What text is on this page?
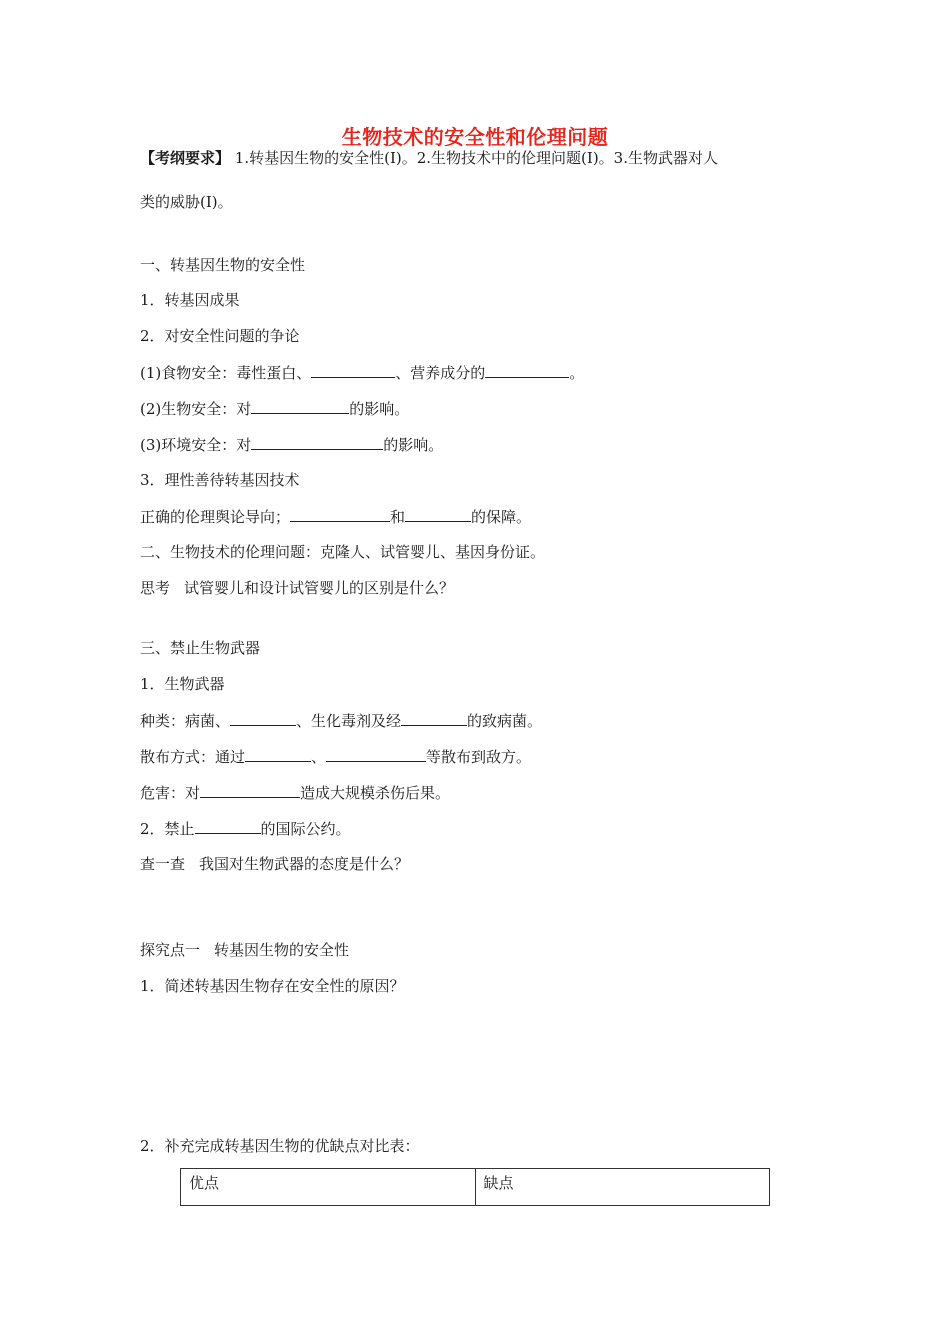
生物技术的安全性和伦理问题
【考纲要求】 1.转基因生物的安全性(Ⅰ)。2.生物技术中的伦理问题(Ⅰ)。3.生物武器对人
类的威胁(Ⅰ)。
一、转基因生物的安全性
1．转基因成果
2．对安全性问题的争论
(1)食物安全：毒性蛋白、	、营养成分的	。
(2)生物安全：对	的影响。
(3)环境安全：对	的影响。
3．理性善待转基因技术
正确的伦理舆论导向；	和	的保障。
二、生物技术的伦理问题：克隆人、试管婴儿、基因身份证。
思考 试管婴儿和设计试管婴儿的区别是什么？
三、禁止生物武器
1．生物武器
种类：病菌、	、生化毒剂及经	的致病菌。
散布方式：通过	、	等散布到敌方。
危害：对	造成大规模杀伤后果。
2．禁止	的国际公约。
查一查 我国对生物武器的态度是什么？
探究点一 转基因生物的安全性
1．简述转基因生物存在安全性的原因？
2．补充完成转基因生物的优缺点对比表：
优点	缺点
